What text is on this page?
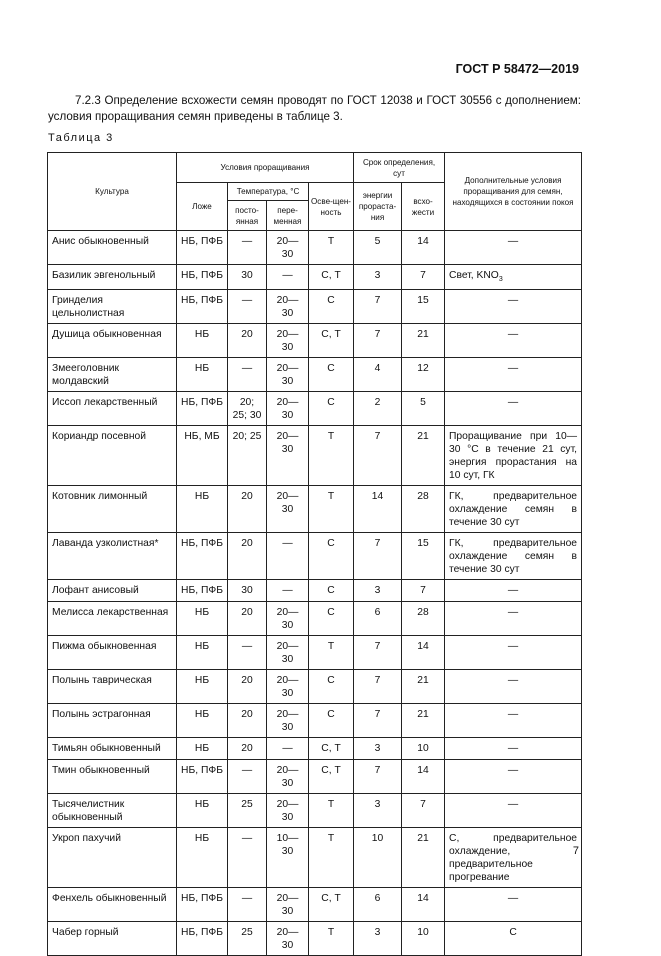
ГОСТ Р 58472—2019

7.2.3 Определение всхожести семян проводят по ГОСТ 12038 и ГОСТ 30556 с дополнением: условия проращивания семян приведены в таблице 3.

Таблица 3
Культура	Условия проращивания				Срок определения, сут		Дополнительные условия проращивания для семян, находящихся в состоянии покоя
	Ложе	Температура, °С		Осве-щен-ность	энергии прораста-ния	всхо-жести	
		посто-янная	пере-менная				
Анис обыкновенный	НБ, ПФБ	—	20—30	Т	5	14	—
Базилик эвгенольный	НБ, ПФБ	30	—	С, Т	3	7	Свет, $KNO_3$
Гринделия цельнолистная	НБ, ПФБ	—	20—30	С	7	15	—
Душица обыкновенная	НБ	20	20—30	С, Т	7	21	—
Змееголовник молдавский	НБ	—	20—30	С	4	12	—
Иссоп лекарственный	НБ, ПФБ	20; 25; 30	20—30	С	2	5	—
Кориандр посевной	НБ, МБ	20; 25	20—30	Т	7	21	Проращивание при 10—30 °С в течение 21 сут, энергия прорастания на 10 сут, ГК
Котовник лимонный	НБ	20	20—30	Т	14	28	ГК, предварительное охлаждение семян в течение 30 сут
Лаванда узколистная*	НБ, ПФБ	20	—	С	7	15	ГК, предварительное охлаждение семян в течение 30 сут
Лофант анисовый	НБ, ПФБ	30	—	С	3	7	—
Мелисса лекарственная	НБ	20	20—30	С	6	28	—
Пижма обыкновенная	НБ	—	20—30	Т	7	14	—
Полынь таврическая	НБ	20	20—30	С	7	21	—
Полынь эстрагонная	НБ	20	20—30	С	7	21	—
Тимьян обыкновенный	НБ	20	—	С, Т	3	10	—
Тмин обыкновенный	НБ, ПФБ	—	20—30	С, Т	7	14	—
Тысячелистник обыкновенный	НБ	25	20—30	Т	3	7	—
Укроп пахучий	НБ	—	10—30	Т	10	21	С, предварительное охлаждение, предварительное прогревание
Фенхель обыкновенный	НБ, ПФБ	—	20—30	С, Т	6	14	—
Чабер горный	НБ, ПФБ	25	20—30	Т	3	10	С
7
